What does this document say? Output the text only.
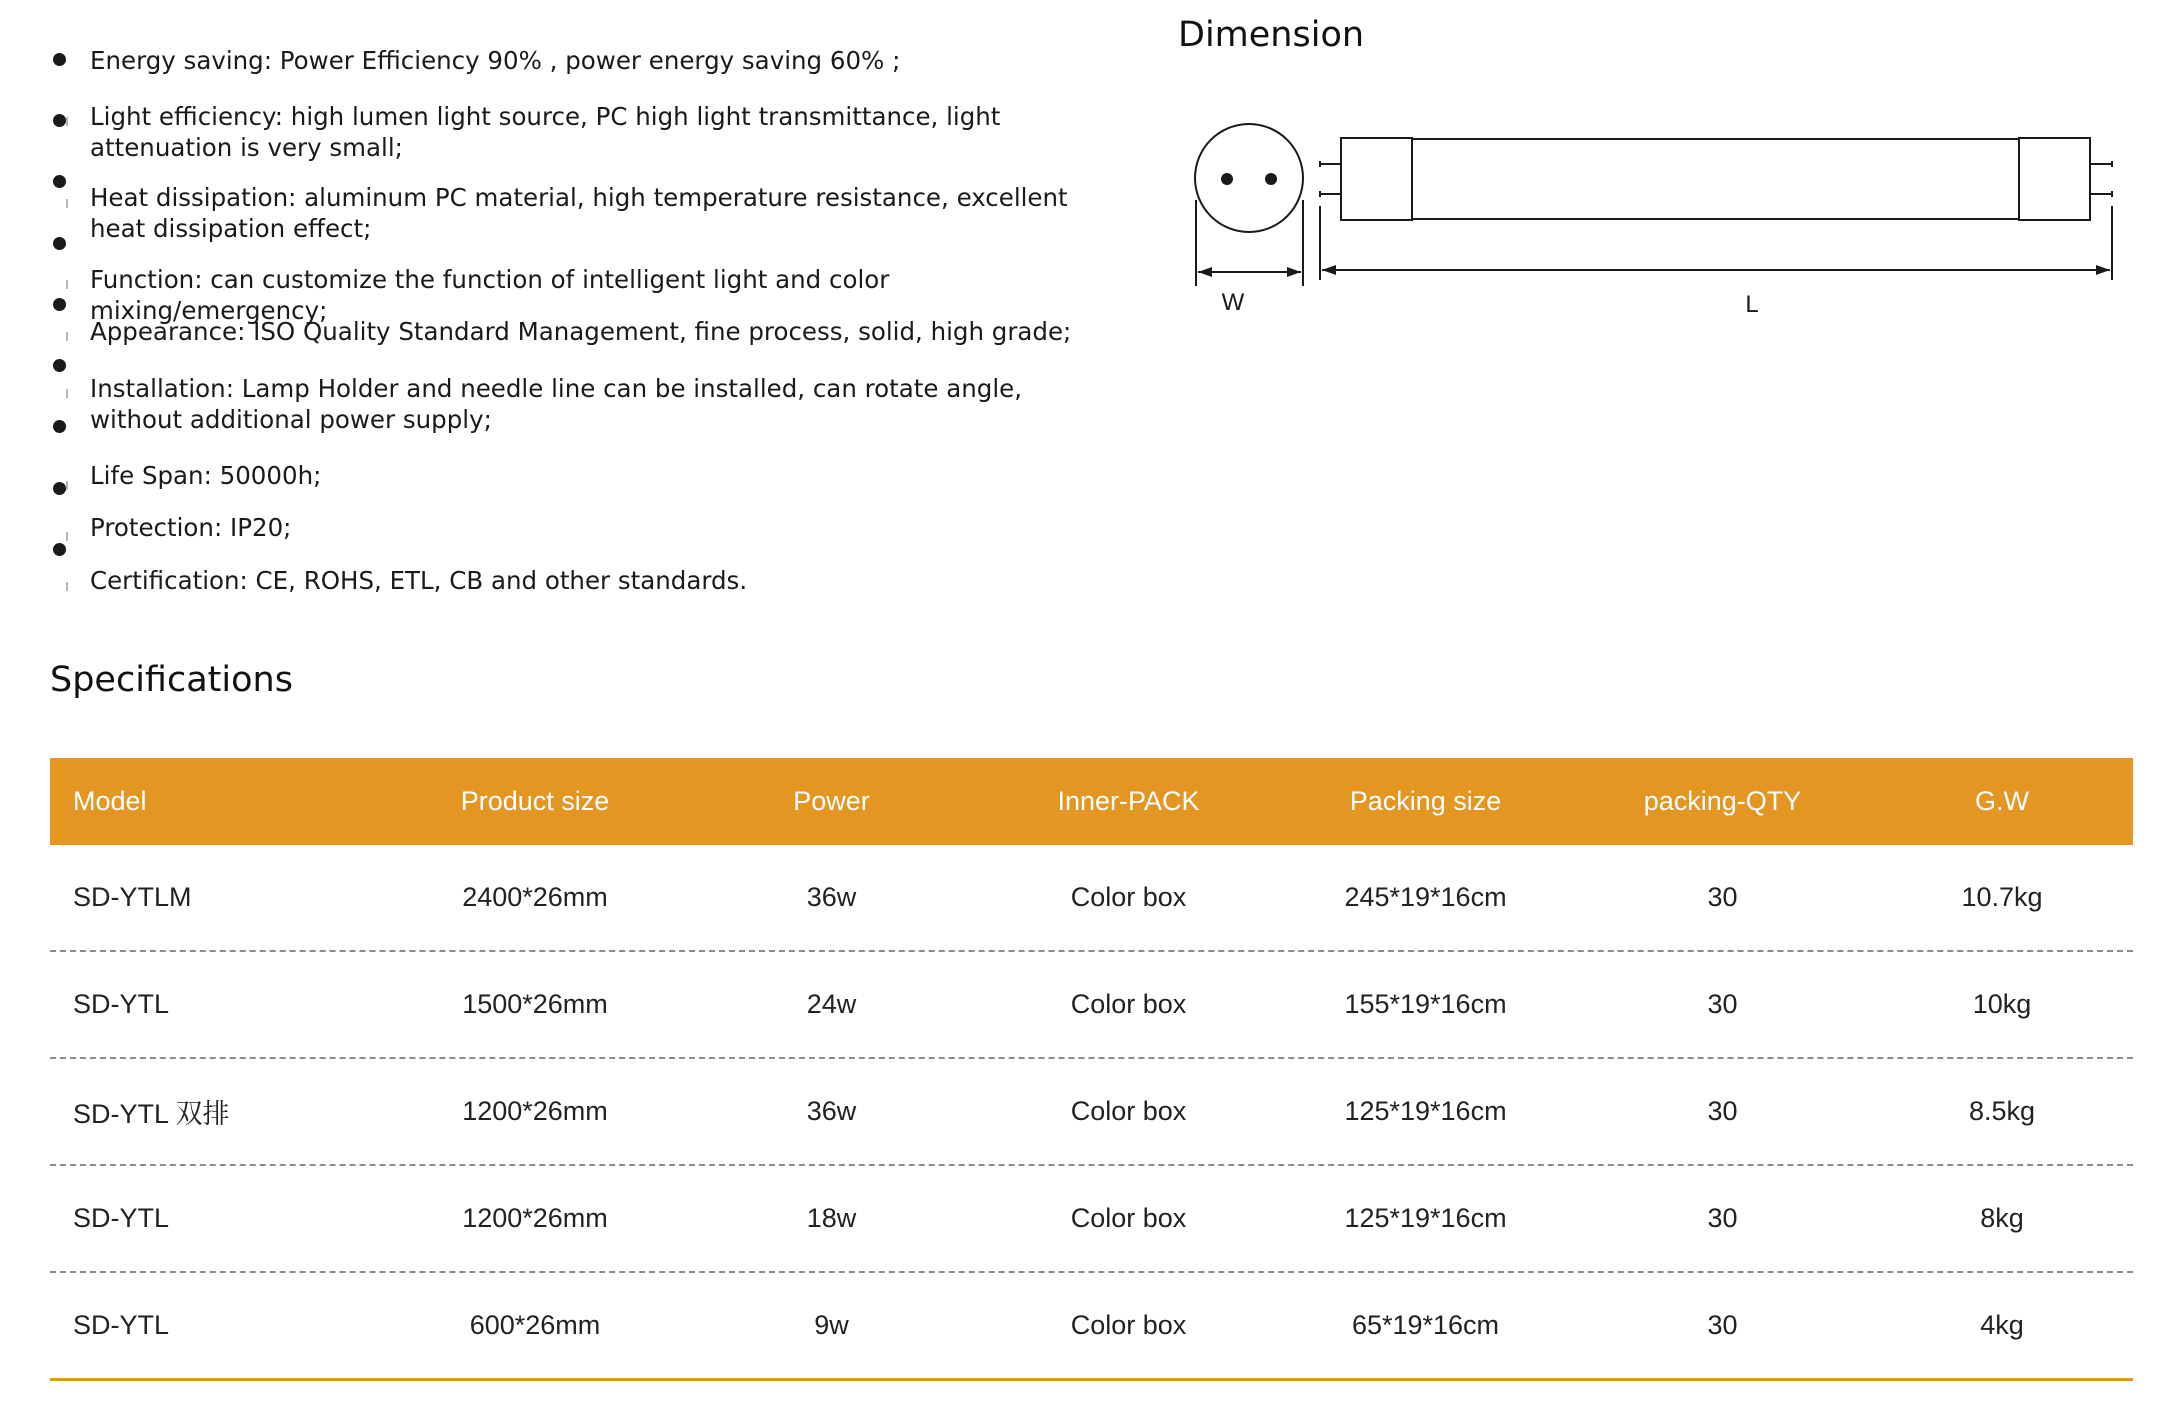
Energy saving: Power Efficiency 90% , power energy saving 60% ;

Light efficiency: high lumen light source, PC high light transmittance, light attenuation is very small;

Heat dissipation: aluminum PC material, high temperature resistance, excellent heat dissipation effect;

Function: can customize the function of intelligent light and color mixing/emergency;

Appearance: ISO Quality Standard Management, fine process, solid, high grade;

Installation: Lamp Holder and needle line can be installed, can rotate angle, without additional power supply;

Life Span: 50000h;

Protection: IP20;

Certification: CE, ROHS, ETL, CB and other standards.

Dimension
W	L
Specifications
Model	Product size	Power	Inner-PACK	Packing size	packing-QTY	G.W
SD-YTLM	2400*26mm	36w	Color box	245*19*16cm	30	10.7kg
SD-YTL	1500*26mm	24w	Color box	155*19*16cm	30	10kg
SD-YTL 双排	1200*26mm	36w	Color box	125*19*16cm	30	8.5kg
SD-YTL	1200*26mm	18w	Color box	125*19*16cm	30	8kg
SD-YTL	600*26mm	9w	Color box	65*19*16cm	30	4kg
